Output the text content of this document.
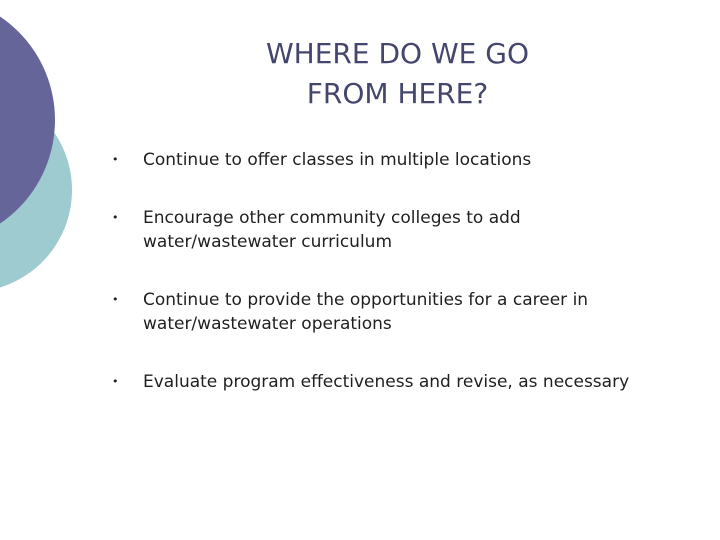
WHERE DO WE GO
FROM HERE?
• Continue to offer classes in multiple locations
• Encourage other community colleges to add water/wastewater curriculum
• Continue to provide the opportunities for a career in water/wastewater operations
• Evaluate program effectiveness and revise, as necessary
